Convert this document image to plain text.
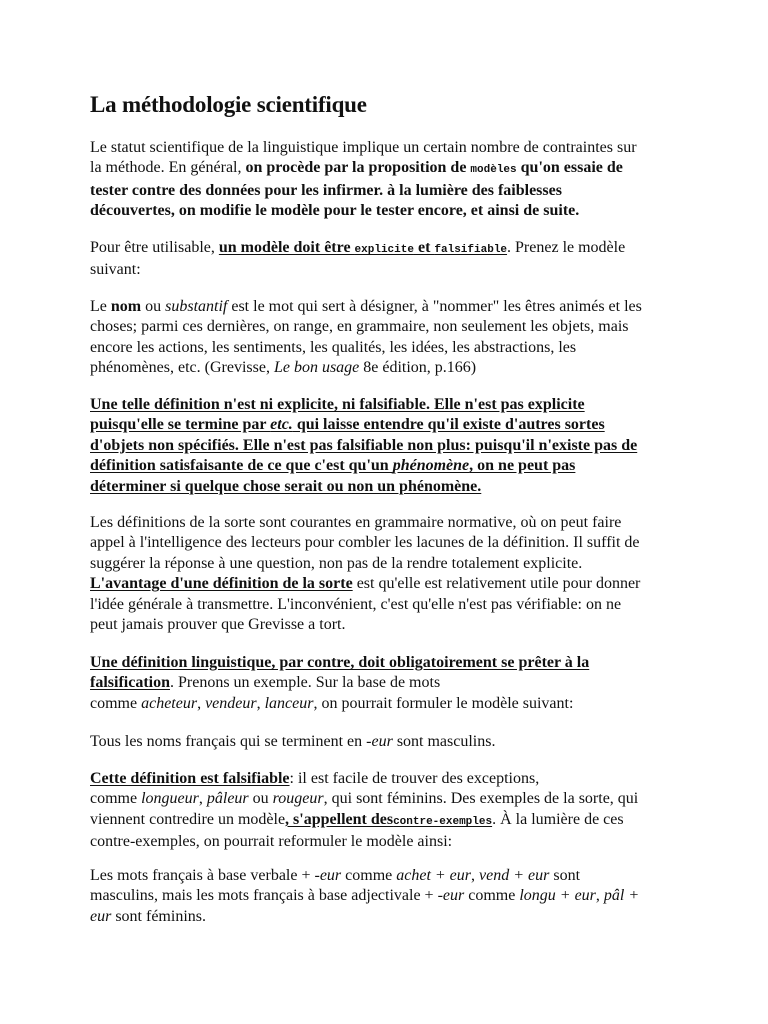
La méthodologie scientifique

Le statut scientifique de la linguistique implique un certain nombre de contraintes sur
la méthode. En général, on procède par la proposition de modèles qu'on essaie de
tester contre des données pour les infirmer. à la lumière des faiblesses
découvertes, on modifie le modèle pour le tester encore, et ainsi de suite.

Pour être utilisable, un modèle doit être explicite et falsifiable. Prenez le modèle
suivant:

Le nom ou substantif est le mot qui sert à désigner, à "nommer" les êtres animés et les
choses; parmi ces dernières, on range, en grammaire, non seulement les objets, mais
encore les actions, les sentiments, les qualités, les idées, les abstractions, les
phénomènes, etc. (Grevisse, Le bon usage 8e édition, p.166)

Une telle définition n'est ni explicite, ni falsifiable. Elle n'est pas explicite
puisqu'elle se termine par etc. qui laisse entendre qu'il existe d'autres sortes
d'objets non spécifiés. Elle n'est pas falsifiable non plus: puisqu'il n'existe pas de
définition satisfaisante de ce que c'est qu'un phénomène, on ne peut pas
déterminer si quelque chose serait ou non un phénomène.

Les définitions de la sorte sont courantes en grammaire normative, où on peut faire
appel à l'intelligence des lecteurs pour combler les lacunes de la définition. Il suffit de
suggérer la réponse à une question, non pas de la rendre totalement explicite.
L'avantage d'une définition de la sorte est qu'elle est relativement utile pour donner
l'idée générale à transmettre. L'inconvénient, c'est qu'elle n'est pas vérifiable: on ne
peut jamais prouver que Grevisse a tort.

Une définition linguistique, par contre, doit obligatoirement se prêter à la
falsification. Prenons un exemple. Sur la base de mots
comme acheteur, vendeur, lanceur, on pourrait formuler le modèle suivant:

Tous les noms français qui se terminent en -eur sont masculins.

Cette définition est falsifiable: il est facile de trouver des exceptions,
comme longueur, pâleur ou rougeur, qui sont féminins. Des exemples de la sorte, qui
viennent contredire un modèle, s'appellent descontre-exemples. À la lumière de ces
contre-exemples, on pourrait reformuler le modèle ainsi:

Les mots français à base verbale + -eur comme achet + eur, vend + eur sont
masculins, mais les mots français à base adjectivale + -eur comme longu + eur, pâl +
eur sont féminins.
